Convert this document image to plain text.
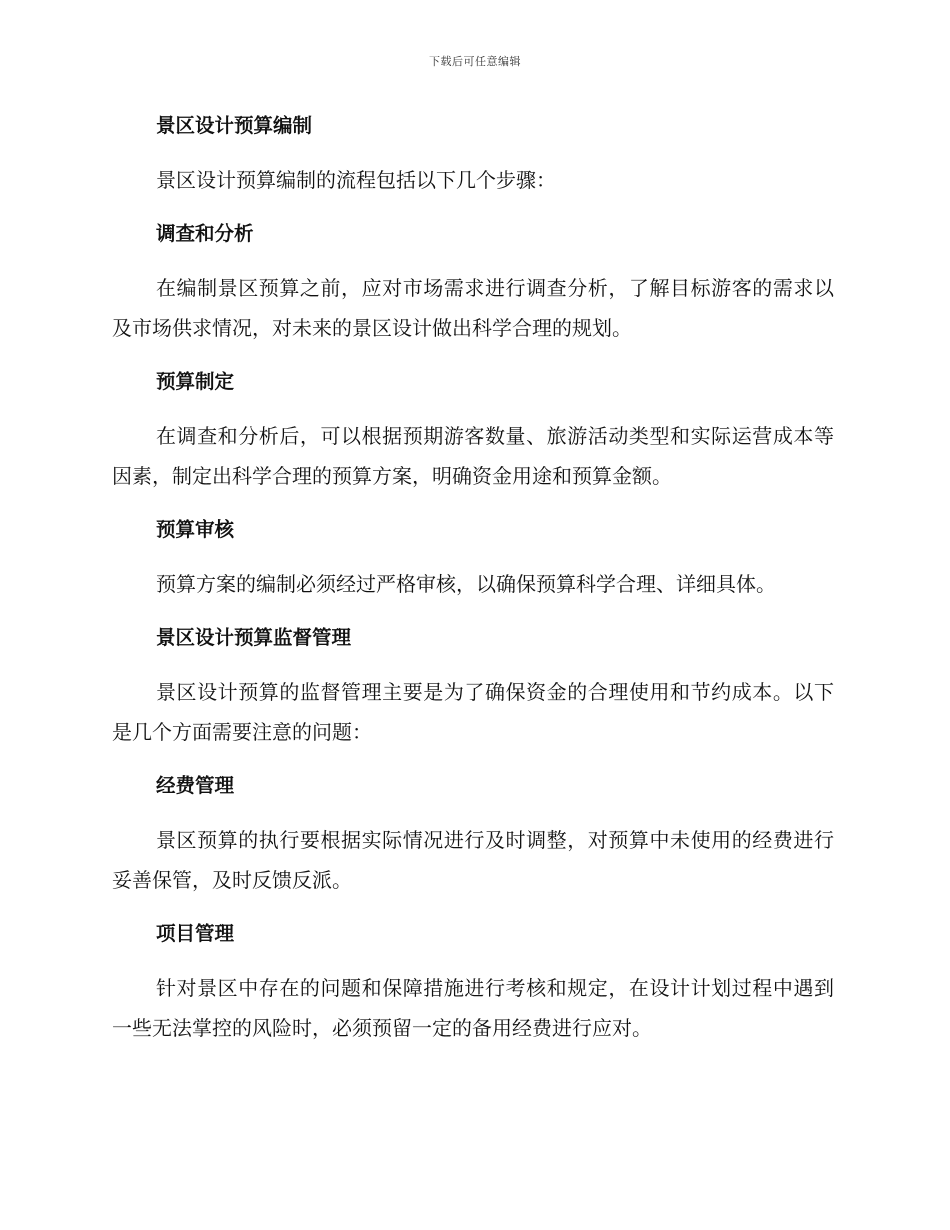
下载后可任意编辑
景区设计预算编制
景区设计预算编制的流程包括以下几个步骤：
调查和分析
在编制景区预算之前，应对市场需求进行调查分析，了解目标游客的需求以及市场供求情况，对未来的景区设计做出科学合理的规划。
预算制定
在调查和分析后，可以根据预期游客数量、旅游活动类型和实际运营成本等因素，制定出科学合理的预算方案，明确资金用途和预算金额。
预算审核
预算方案的编制必须经过严格审核，以确保预算科学合理、详细具体。
景区设计预算监督管理
景区设计预算的监督管理主要是为了确保资金的合理使用和节约成本。以下是几个方面需要注意的问题：
经费管理
景区预算的执行要根据实际情况进行及时调整，对预算中未使用的经费进行妥善保管，及时反馈反派。
项目管理
针对景区中存在的问题和保障措施进行考核和规定，在设计计划过程中遇到一些无法掌控的风险时，必须预留一定的备用经费进行应对。
